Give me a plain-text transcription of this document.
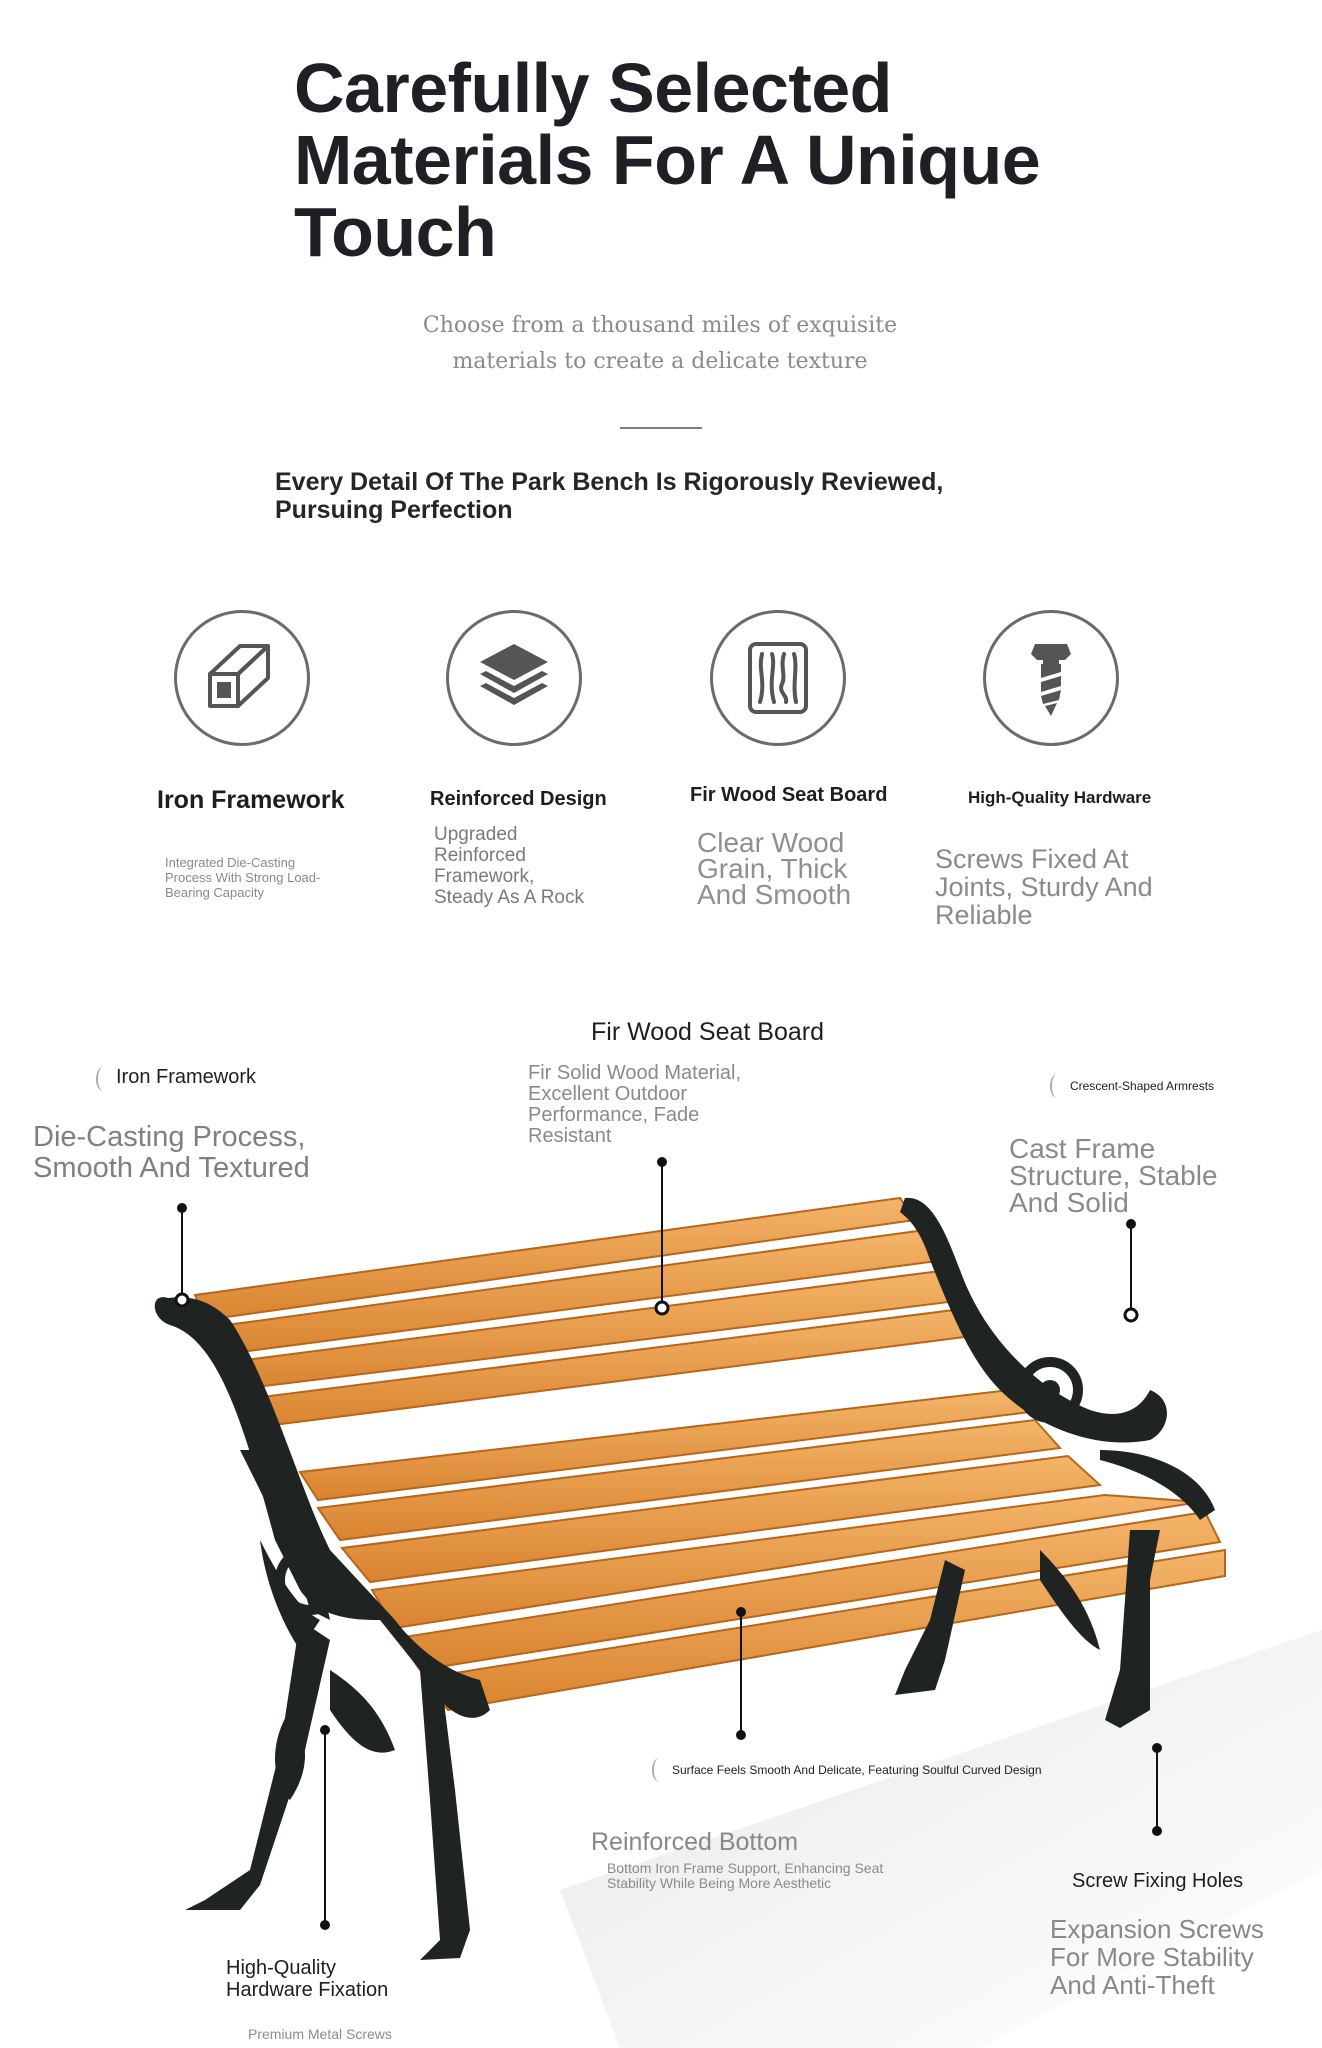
Carefully Selected Materials For A Unique Touch
Choose from a thousand miles of exquisite
materials to create a delicate texture
Every Detail Of The Park Bench Is Rigorously Reviewed, Pursuing Perfection
Iron Framework
Integrated Die-Casting Process With Strong Load-Bearing Capacity
Reinforced Design
Upgraded Reinforced Framework, Steady As A Rock
Fir Wood Seat Board
Clear Wood Grain, Thick And Smooth
High-Quality Hardware
Screws Fixed At Joints, Sturdy And Reliable
Iron Framework
Die-Casting Process, Smooth And Textured
Fir Wood Seat Board
Fir Solid Wood Material, Excellent Outdoor Performance, Fade Resistant
Crescent-Shaped Armrests
Cast Frame Structure, Stable And Solid
Surface Feels Smooth And Delicate, Featuring Soulful Curved Design
Reinforced Bottom
Bottom Iron Frame Support, Enhancing Seat Stability While Being More Aesthetic	Screw Fixing Holes
Expansion Screws For More Stability And Anti-Theft
High-Quality Hardware Fixation
Premium Metal Screws
